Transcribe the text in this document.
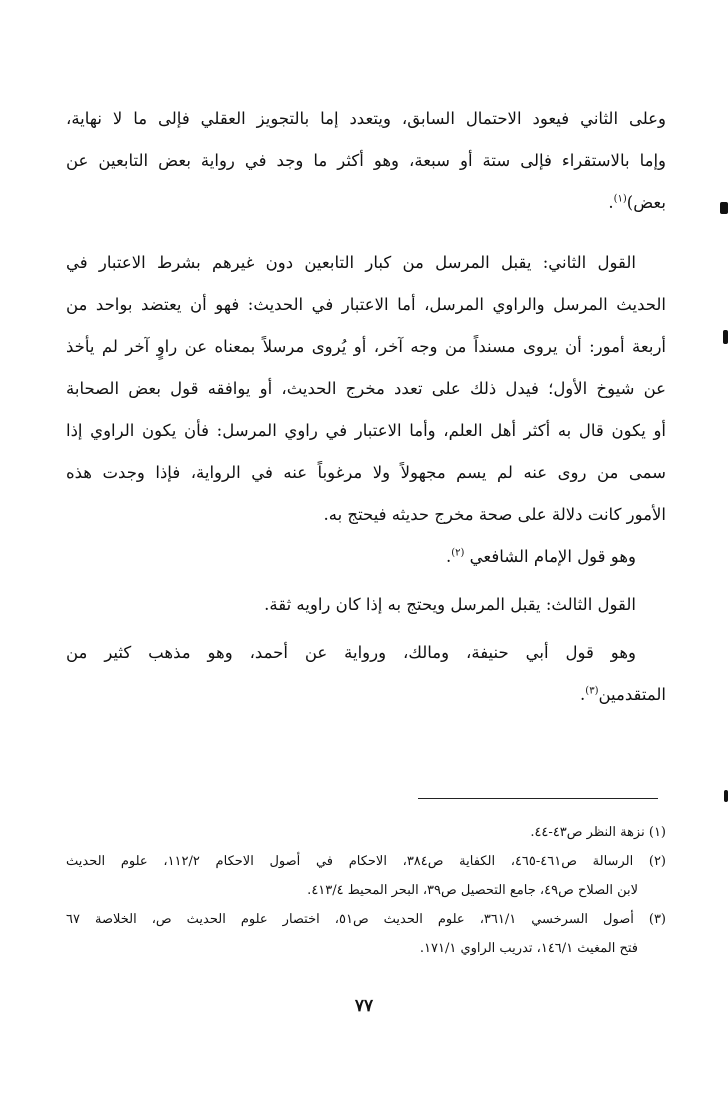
وعلى الثاني فيعود الاحتمال السابق، ويتعدد إما بالتجويز العقلي فإلى ما لا نهاية،
وإما بالاستقراء فإلى ستة أو سبعة، وهو أكثر ما وجد في رواية بعض التابعين عن
بعض)$^{(١)}$.
القول الثاني: يقبل المرسل من كبار التابعين دون غيرهم بشرط الاعتبار في
الحديث المرسل والراوي المرسل، أما الاعتبار في الحديث: فهو أن يعتضد بواحد من
أربعة أمور: أن يروى مسنداً من وجه آخر، أو يُروى مرسلاً بمعناه عن راوٍ آخر لم يأخذ
عن شيوخ الأول؛ فيدل ذلك على تعدد مخرج الحديث، أو يوافقه قول بعض الصحابة
أو يكون قال به أكثر أهل العلم، وأما الاعتبار في راوي المرسل: فأن يكون الراوي إذا
سمى من روى عنه لم يسم مجهولاً ولا مرغوباً عنه في الرواية، فإذا وجدت هذه
الأمور كانت دلالة على صحة مخرج حديثه فيحتج به.
وهو قول الإمام الشافعي $^{(٢)}$.
القول الثالث: يقبل المرسل ويحتج به إذا كان راويه ثقة.
وهو قول أبي حنيفة، ومالك، ورواية عن أحمد، وهو مذهب كثير من
المتقدمين$^{(٣)}$.
(١) نزهة النظر ص٤٣-٤٤.
(٢) الرسالة ص٤٦١-٤٦٥، الكفاية ص٣٨٤، الاحكام في أصول الاحكام ١١٢/٢، علوم الحديث
لابن الصلاح ص٤٩، جامع التحصيل ص٣٩، البحر المحيط ٤١٣/٤.
(٣) أصول السرخسي ٣٦١/١، علوم الحديث ص٥١، اختصار علوم الحديث ص، الخلاصة ٦٧
فتح المغيث ١٤٦/١، تدريب الراوي ١٧١/١.
٧٧
